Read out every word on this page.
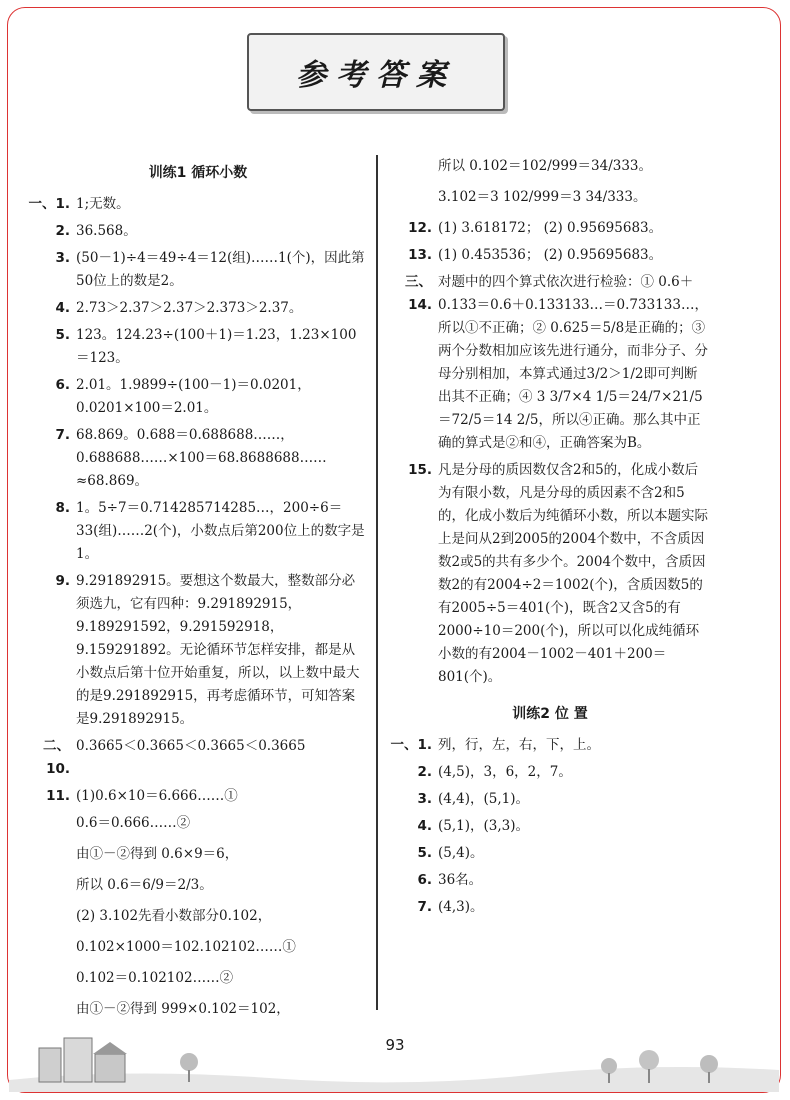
参考答案
训练1 循环小数
一、1. 1;无数。
2. 36.568。
3. (50－1)÷4＝49÷4＝12(组)……1(个)，因此第50位上的数是2。
4. 2.73＞2.37＞2.37＞2.373＞2.37。
5. 123。124.23÷(100＋1)＝1.23，1.23×100＝123。
6. 2.01。1.9899÷(100－1)＝0.0201，0.0201×100＝2.01。
7. 68.869。0.688＝0.688688……，0.688688……×100＝68.8688688……≈68.869。
8. 1。5÷7＝0.714285714285…，200÷6＝33(组)……2(个)，小数点后第200位上的数字是1。
9. 9.291892915。要想这个数最大，整数部分必须选九，它有四种：9.291892915，9.189291592，9.291592918，9.159291892。无论循环节怎样安排，都是从小数点后第十位开始重复，所以，以上数中最大的是9.291892915，再考虑循环节，可知答案是9.291892915。
二、10.
0.3665＜0.3665＜0.3665＜0.3665
11. (1)0.6×10＝6.666……①
0.6＝0.666……②
由①－②得到 0.6×9＝6，
所以 0.6＝6/9＝2/3。
(2) 3.102先看小数部分0.102，
0.102×1000＝102.102102……①
0.102＝0.102102……②
由①－②得到 999×0.102＝102，
所以 0.102＝102/999＝34/333。
3.102＝3 102/999＝3 34/333。
12. (1) 3.618172； (2) 0.95695683。
13. (1) 0.453536； (2) 0.95695683。
三、14.
对题中的四个算式依次进行检验：① 0.6＋0.133＝0.6＋0.133133…＝0.733133…，所以①不正确；② 0.625＝5/8是正确的；③两个分数相加应该先进行通分，而非分子、分母分别相加，本算式通过3/2＞1/2即可判断出其不正确；④ 3 3/7×4 1/5＝24/7×21/5＝72/5＝14 2/5，所以④正确。那么其中正确的算式是②和④，正确答案为B。
15. 凡是分母的质因数仅含2和5的，化成小数后为有限小数，凡是分母的质因素不含2和5的，化成小数后为纯循环小数，所以本题实际上是问从2到2005的2004个数中，不含质因数2或5的共有多少个。2004个数中，含质因数2的有2004÷2＝1002(个)，含质因数5的有2005÷5＝401(个)，既含2又含5的有2000÷10＝200(个)，所以可以化成纯循环小数的有2004－1002－401＋200＝801(个)。
训练2 位 置
一、1. 列，行，左，右，下，上。
2. (4,5)，3，6，2，7。
3. (4,4)，(5,1)。
4. (5,1)，(3,3)。
5. (5,4)。
6. 36名。
7. (4,3)。
93
